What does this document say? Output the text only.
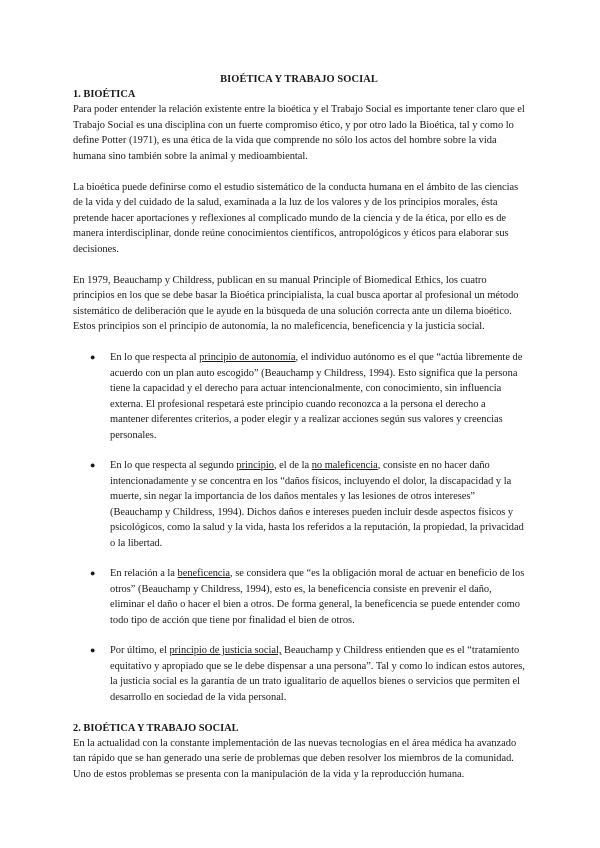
BIOÉTICA Y TRABAJO SOCIAL
1. BIOÉTICA

Para poder entender la relación existente entre la bioética y el Trabajo Social es importante tener claro que el Trabajo Social es una disciplina con un fuerte compromiso ético, y por otro lado la Bioética, tal y como lo define Potter (1971), es una ética de la vida que comprende no sólo los actos del hombre sobre la vida humana sino también sobre la animal y medioambiental.

La bioética puede definirse como el estudio sistemático de la conducta humana en el ámbito de las ciencias de la vida y del cuidado de la salud, examinada a la luz de los valores y de los principios morales, ésta pretende hacer aportaciones y reflexiones al complicado mundo de la ciencia y de la ética, por ello es de manera interdisciplinar, donde reúne conocimientos científicos, antropológicos y éticos para elaborar sus decisiones.

En 1979, Beauchamp y Childress, publican en su manual Principle of Biomedical Ethics, los cuatro principios en los que se debe basar la Bioética principialista, la cual busca aportar al profesional un método sistemático de deliberación que le ayude en la búsqueda de una solución correcta ante un dilema bioético.

Estos principios son el principio de autonomía, la no maleficencia, beneficencia y la justicia social.

● En lo que respecta al principio de autonomía, el individuo autónomo es el que “actúa libremente de acuerdo con un plan auto escogido” (Beauchamp y Childress, 1994). Esto significa que la persona tiene la capacidad y el derecho para actuar intencionalmente, con conocimiento, sin influencia externa. El profesional respetará este principio cuando reconozca a la persona el derecho a mantener diferentes criterios, a poder elegir y a realizar acciones según sus valores y creencias personales.
● En lo que respecta al segundo principio, el de la no maleficencia, consiste en no hacer daño intencionadamente y se concentra en los “daños físicos, incluyendo el dolor, la discapacidad y la muerte, sin negar la importancia de los daños mentales y las lesiones de otros intereses” (Beauchamp y Childress, 1994). Dichos daños e intereses pueden incluir desde aspectos físicos y psicológicos, como la salud y la vida, hasta los referidos a la reputación, la propiedad, la privacidad o la libertad.
● En relación a la beneficencia, se considera que “es la obligación moral de actuar en beneficio de los otros” (Beauchamp y Childress, 1994), esto es, la beneficencia consiste en prevenir el daño, eliminar el daño o hacer el bien a otros. De forma general, la beneficencia se puede entender como todo tipo de acción que tiene por finalidad el bien de otros.
● Por último, el principio de justicia social, Beauchamp y Childress entienden que es el “tratamiento equitativo y apropiado que se le debe dispensar a una persona”. Tal y como lo indican estos autores, la justicia social es la garantía de un trato igualitario de aquellos bienes o servicios que permiten el desarrollo en sociedad de la vida personal.
2. BIOÉTICA Y TRABAJO SOCIAL

En la actualidad con la constante implementación de las nuevas tecnologías en el área médica ha avanzado tan rápido que se han generado una serie de problemas que deben resolver los miembros de la comunidad. Uno de estos problemas se presenta con la manipulación de la vida y la reproducción humana.
